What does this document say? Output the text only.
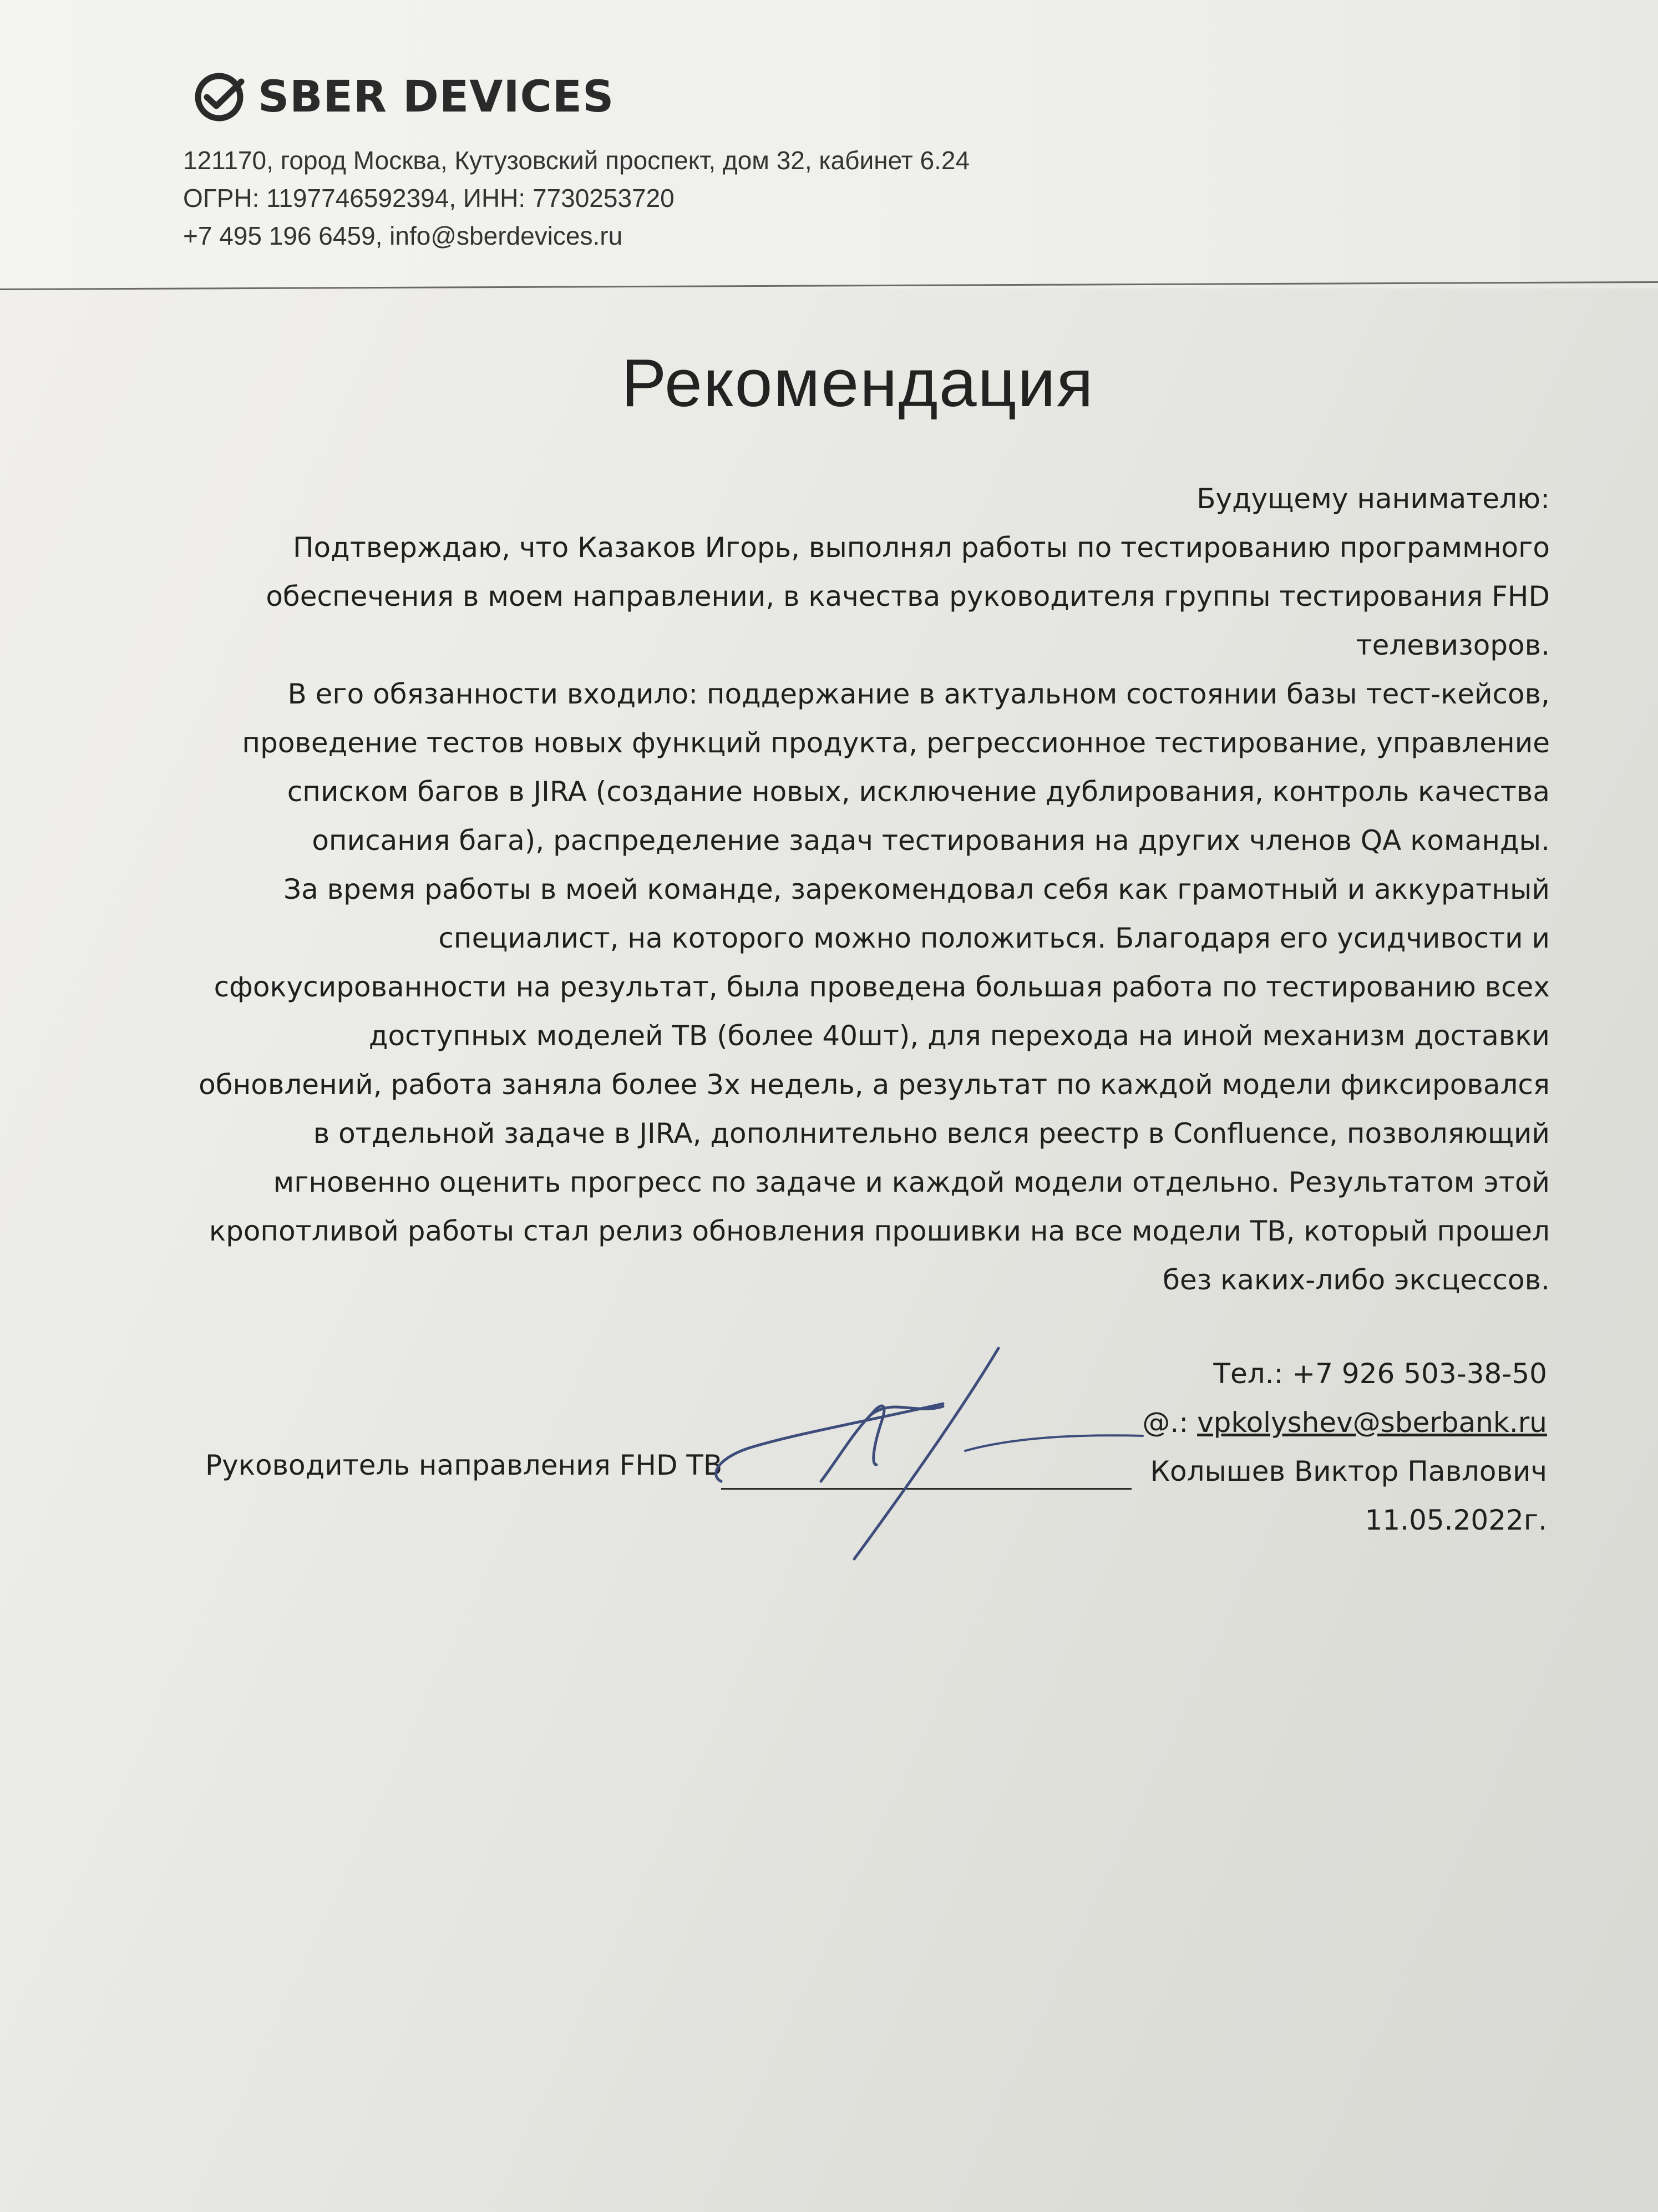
SBER DEVICES
121170, город Москва, Кутузовский проспект, дом 32, кабинет 6.24
ОГРН: 1197746592394, ИНН: 7730253720
+7 495 196 6459, info@sberdevices.ru
Рекомендация
Будущему нанимателю:
Подтверждаю, что Казаков Игорь, выполнял работы по тестированию программного
обеспечения в моем направлении, в качества руководителя группы тестирования FHD
телевизоров.
В его обязанности входило: поддержание в актуальном состоянии базы тест-кейсов,
проведение тестов новых функций продукта, регрессионное тестирование, управление
списком багов в JIRA (создание новых, исключение дублирования, контроль качества
описания бага), распределение задач тестирования на других членов QA команды.
За время работы в моей команде, зарекомендовал себя как грамотный и аккуратный
специалист, на которого можно положиться. Благодаря его усидчивости и
сфокусированности на результат, была проведена большая работа по тестированию всех
доступных моделей ТВ (более 40шт), для перехода на иной механизм доставки
обновлений, работа заняла более 3х недель, а результат по каждой модели фиксировался
в отдельной задаче в JIRA, дополнительно велся реестр в Confluence, позволяющий
мгновенно оценить прогресс по задаче и каждой модели отдельно. Результатом этой
кропотливой работы стал релиз обновления прошивки на все модели ТВ, который прошел
без каких-либо эксцессов.
Тел.: +7 926 503-38-50
@.: vpkolyshev@sberbank.ru
Колышев Виктор Павлович
11.05.2022г.
Руководитель направления FHD ТВ
